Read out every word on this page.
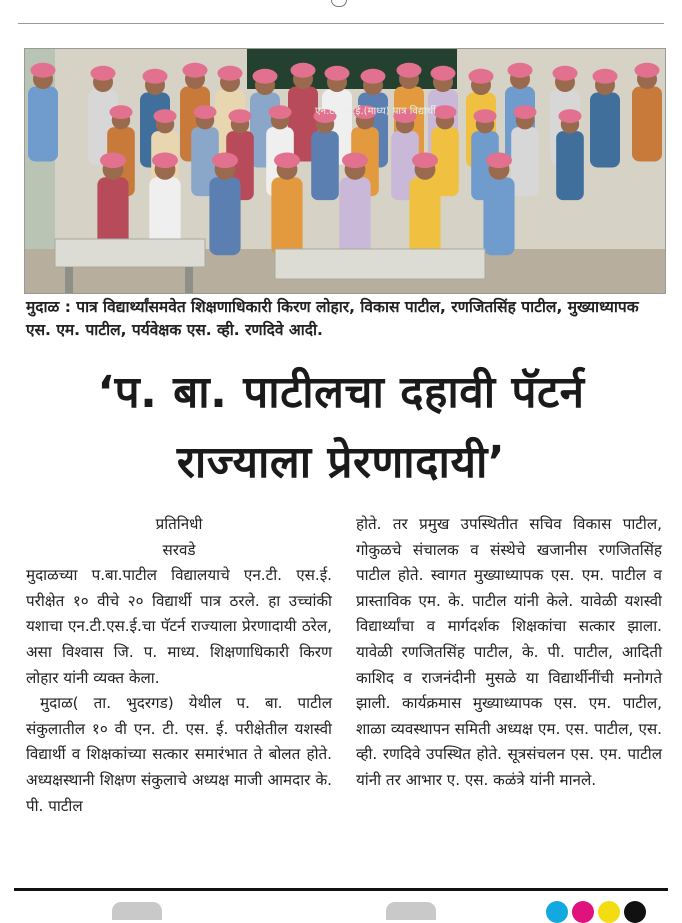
एन.टी.एस.ई.(माध्य) पात्र विद्यार्थी
मुदाळ : पात्र विद्यार्थ्यांसमवेत शिक्षणाधिकारी किरण लोहार, विकास पाटील, रणजितसिंह पाटील, मुख्याध्यापक एस. एम. पाटील, पर्यवेक्षक एस. व्ही. रणदिवे आदी.
‘प. बा. पाटीलचा दहावी पॅटर्न
राज्याला प्रेरणादायी’

प्रतिनिधी

सरवडे

मुदाळच्या प.बा.पाटील विद्यालयाचे एन.टी. एस.ई. परीक्षेत १० वीचे २० विद्यार्थी पात्र ठरले. हा उच्चांकी यशाचा एन.टी.एस.ई.चा पॅटर्न राज्याला प्रेरणादायी ठरेल, असा विश्वास जि. प. माध्य. शिक्षणाधिकारी किरण लोहार यांनी व्यक्त केला.

मुदाळ( ता. भुदरगड) येथील प. बा. पाटील संकुलातील १० वी एन. टी. एस. ई. परीक्षेतील यशस्वी विद्यार्थी व शिक्षकांच्या सत्कार समारंभात ते बोलत होते. अध्यक्षस्थानी शिक्षण संकुलाचे अध्यक्ष माजी आमदार के. पी. पाटील

होते. तर प्रमुख उपस्थितीत सचिव विकास पाटील, गोकुळचे संचालक व संस्थेचे खजानीस रणजितसिंह पाटील होते. स्वागत मुख्याध्यापक एस. एम. पाटील व प्रास्ताविक एम. के. पाटील यांनी केले. यावेळी यशस्वी विद्यार्थ्यांचा व मार्गदर्शक शिक्षकांचा सत्कार झाला. यावेळी रणजितसिंह पाटील, के. पी. पाटील, आदिती काशिद व राजनंदीनी मुसळे या विद्यार्थीनींची मनोगते झाली. कार्यक्रमास मुख्याध्यापक एस. एम. पाटील, शाळा व्यवस्थापन समिती अध्यक्ष एम. एस. पाटील, एस. व्ही. रणदिवे उपस्थित होते. सूत्रसंचलन एस. एम. पाटील यांनी तर आभार ए. एस. कळंत्रे यांनी मानले.
